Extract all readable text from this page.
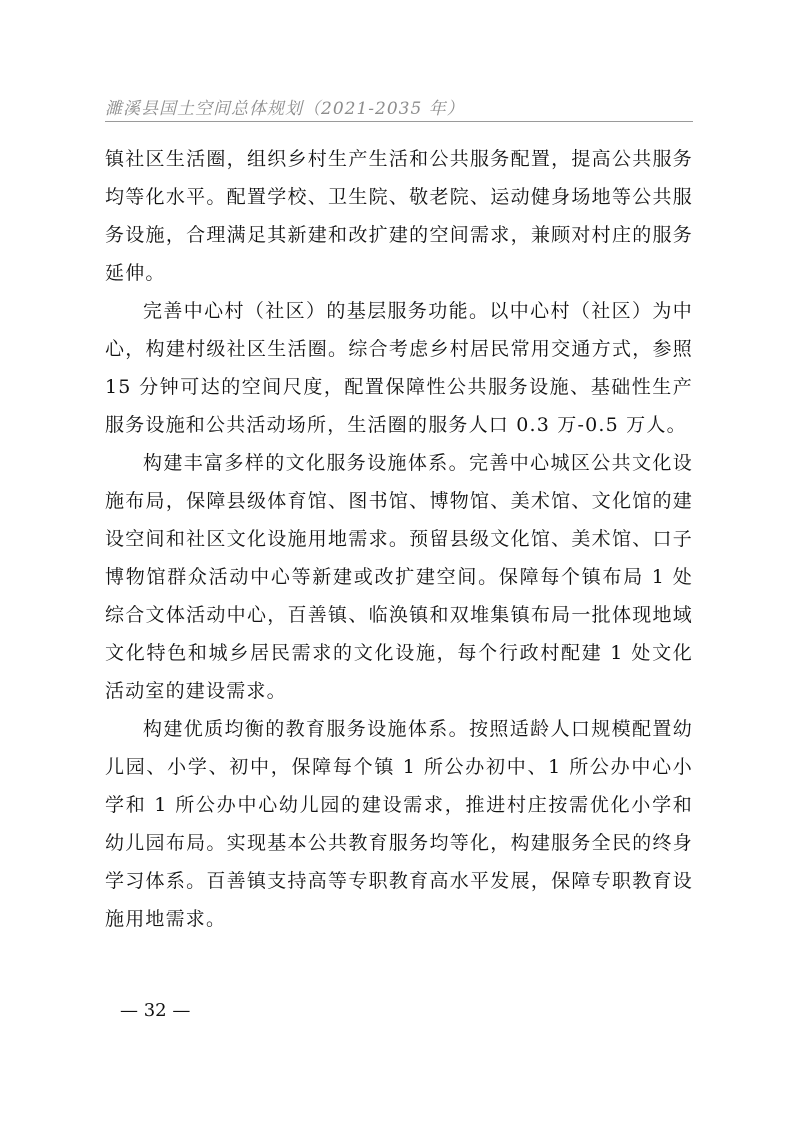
濉溪县国土空间总体规划（2021-2035 年）

镇社区生活圈，组织乡村生产生活和公共服务配置，提高公共服务均等化水平。配置学校、卫生院、敬老院、运动健身场地等公共服务设施，合理满足其新建和改扩建的空间需求，兼顾对村庄的服务延伸。

完善中心村（社区）的基层服务功能。以中心村（社区）为中心，构建村级社区生活圈。综合考虑乡村居民常用交通方式，参照 15 分钟可达的空间尺度，配置保障性公共服务设施、基础性生产服务设施和公共活动场所，生活圈的服务人口 0.3 万-0.5 万人。

构建丰富多样的文化服务设施体系。完善中心城区公共文化设施布局，保障县级体育馆、图书馆、博物馆、美术馆、文化馆的建设空间和社区文化设施用地需求。预留县级文化馆、美术馆、口子博物馆群众活动中心等新建或改扩建空间。保障每个镇布局 1 处综合文体活动中心，百善镇、临涣镇和双堆集镇布局一批体现地域文化特色和城乡居民需求的文化设施，每个行政村配建 1 处文化活动室的建设需求。

构建优质均衡的教育服务设施体系。按照适龄人口规模配置幼儿园、小学、初中，保障每个镇 1 所公办初中、1 所公办中心小学和 1 所公办中心幼儿园的建设需求，推进村庄按需优化小学和幼儿园布局。实现基本公共教育服务均等化，构建服务全民的终身学习体系。百善镇支持高等专职教育高水平发展，保障专职教育设施用地需求。

— 32 —
